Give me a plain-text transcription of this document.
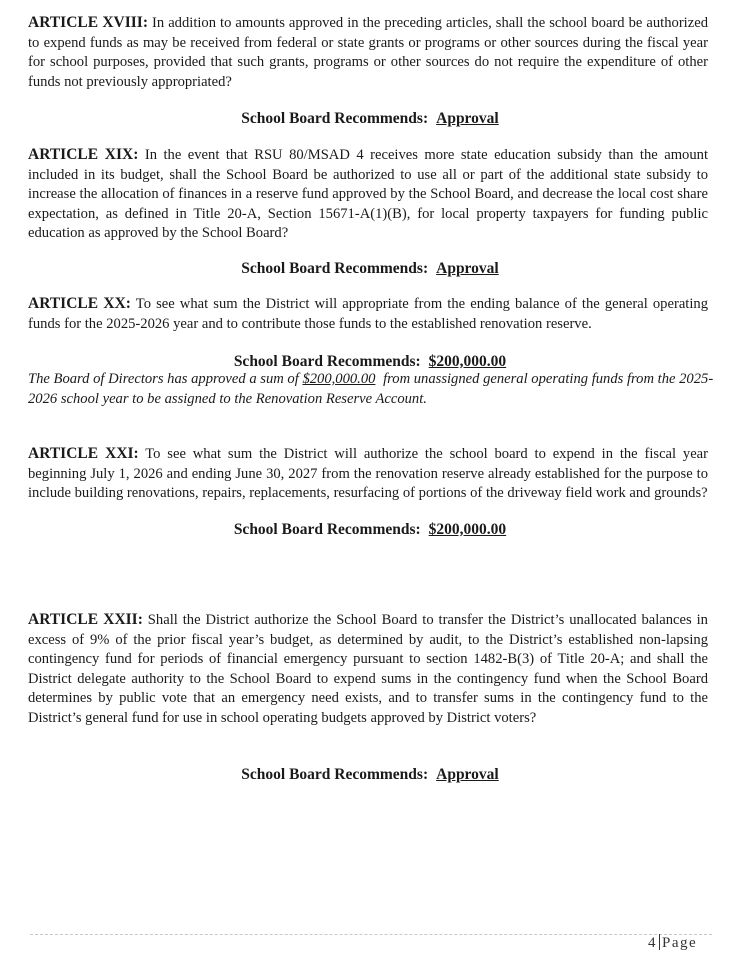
ARTICLE XVIII: In addition to amounts approved in the preceding articles, shall the school board be authorized to expend funds as may be received from federal or state grants or programs or other sources during the fiscal year for school purposes, provided that such grants, programs or other sources do not require the expenditure of other funds not previously appropriated?
School Board Recommends: Approval
ARTICLE XIX: In the event that RSU 80/MSAD 4 receives more state education subsidy than the amount included in its budget, shall the School Board be authorized to use all or part of the additional state subsidy to increase the allocation of finances in a reserve fund approved by the School Board, and decrease the local cost share expectation, as defined in Title 20-A, Section 15671-A(1)(B), for local property taxpayers for funding public education as approved by the School Board?
School Board Recommends: Approval
ARTICLE XX: To see what sum the District will appropriate from the ending balance of the general operating funds for the 2025-2026 year and to contribute those funds to the established renovation reserve.
School Board Recommends: $200,000.00
The Board of Directors has approved a sum of $200,000.00 from unassigned general operating funds from the 2025-2026 school year to be assigned to the Renovation Reserve Account.
ARTICLE XXI: To see what sum the District will authorize the school board to expend in the fiscal year beginning July 1, 2026 and ending June 30, 2027 from the renovation reserve already established for the purpose to include building renovations, repairs, replacements, resurfacing of portions of the driveway field work and grounds?
School Board Recommends: $200,000.00
ARTICLE XXII: Shall the District authorize the School Board to transfer the District’s unallocated balances in excess of 9% of the prior fiscal year’s budget, as determined by audit, to the District’s established non-lapsing contingency fund for periods of financial emergency pursuant to section 1482-B(3) of Title 20-A; and shall the District delegate authority to the School Board to expend sums in the contingency fund when the School Board determines by public vote that an emergency need exists, and to transfer sums in the contingency fund to the District’s general fund for use in school operating budgets approved by District voters?
School Board Recommends: Approval
4 Page
